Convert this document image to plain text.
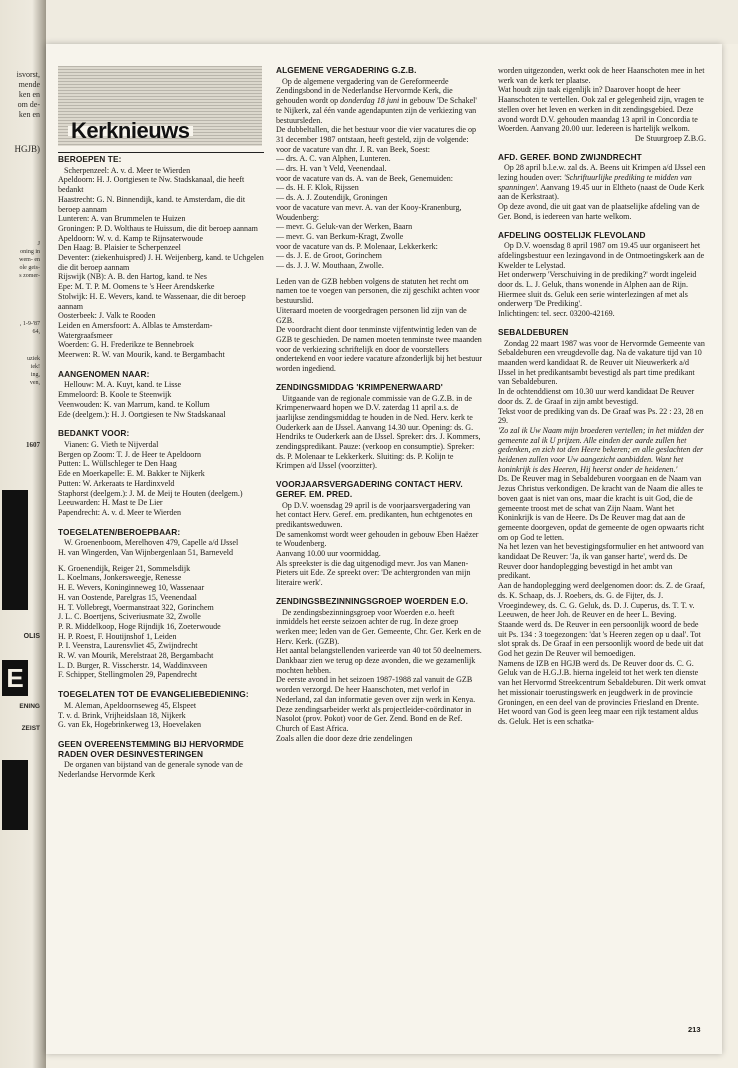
isvorst,
mende
ken en
om de-
ken en
HGJB)
J
oning in
wem- en
ole geis-
s zomer-
, 1-9-'87
64,
uziek
iek!
ing,
ven,
1607
OLIS
E
ENING
ZEIST
Kerknieuws
BEROEPEN TE:

Scherpenzeel: A. v. d. Meer te Wierden

Apeldoorn: H. J. Oortgiesen te Nw. Stadskanaal, die heeft bedankt

Haastrecht: G. N. Binnendijk, kand. te Amsterdam, die dit beroep aannam

Lunteren: A. van Brummelen te Huizen

Groningen: P. D. Wolthaus te Huissum, die dit beroep aannam

Apeldoorn: W. v. d. Kamp te Rijnsaterwoude

Den Haag: B. Plaisier te Scherpenzeel

Deventer: (ziekenhuispred) J. H. Weijenberg, kand. te Uchgelen die dit beroep aannam

Rijswijk (NB): A. B. den Hartog, kand. te Nes

Epe: M. T. P. M. Oomens te 's Heer Arendskerke

Stolwijk: H. E. Wevers, kand. te Wassenaar, die dit beroep aannam

Oosterbeek: J. Valk te Rooden

Leiden en Amersfoort: A. Alblas te Amsterdam-Watergraafsmeer

Woerden: G. H. Frederikze te Bennebroek

Meerwen: R. W. van Mourik, kand. te Bergambacht

AANGENOMEN NAAR:

Hellouw: M. A. Kuyt, kand. te Lisse

Emmeloord: B. Koole te Steenwijk

Veenwouden: K. van Marrum, kand. te Kollum

Ede (deelgem.): H. J. Oortgiesen te Nw Stadskanaal

BEDANKT VOOR:

Vianen: G. Vieth te Nijverdal

Bergen op Zoom: T. J. de Heer te Apeldoorn

Putten: L. Wüllschleger te Den Haag

Ede en Moerkapelle: E. M. Bakker te Nijkerk

Putten: W. Arkeraats te Hardinxveld

Staphorst (deelgem.): J. M. de Meij te Houten (deelgem.)

Leeuwarden: H. Mast te De Lier

Papendrecht: A. v. d. Meer te Wierden

TOEGELATEN/BEROEPBAAR:

W. Groenenboom, Merelhoven 479, Capelle a/d IJssel

H. van Wingerden, Van Wijnbergenlaan 51, Barneveld

K. Groenendijk, Reiger 21, Sommelsdijk

L. Koelmans, Jonkersweegje, Renesse

H. E. Wevers, Koninginneweg 10, Wassenaar

H. van Oostende, Parelgras 15, Veenendaal

H. T. Vollebregt, Voermanstraat 322, Gorinchem

J. L. C. Boertjens, Sciveriusmate 32, Zwolle

P. R. Middelkoop, Hoge Rijndijk 16, Zoeterwoude

H. P. Roest, F. Houtijnshof 1, Leiden

P. I. Veenstra, Laurensvliet 45, Zwijndrecht

R. W. van Mourik, Merelstraat 28, Bergambacht

L. D. Burger, R. Visscherstr. 14, Waddinxveen

F. Schipper, Stellingmolen 29, Papendrecht

TOEGELATEN TOT DE EVANGELIEBEDIENING:

M. Aleman, Apeldoornseweg 45, Elspeet

T. v. d. Brink, Vrijheidslaan 18, Nijkerk

G. van Ek, Hogebrinkerweg 13, Hoevelaken

GEEN OVEREENSTEMMING BIJ HERVORMDE RADEN OVER DESINVESTERINGEN

De organen van bijstand van de generale synode van de Nederlandse Hervormde Kerk

ALGEMENE VERGADERING G.Z.B.

Op de algemene vergadering van de Gereformeerde Zendingsbond in de Nederlandse Hervormde Kerk, die gehouden wordt op donderdag 18 juni in gebouw 'De Schakel' te Nijkerk, zal één vande agendapunten zijn de verkiezing van bestuursleden.

De dubbeltallen, die het bestuur voor die vier vacatures die op 31 december 1987 ontstaan, heeft gesteld, zijn de volgende:

voor de vacature van dhr. J. R. van Beek, Soest:

— drs. A. C. van Alphen, Lunteren.

— drs. H. van 't Veld, Veenendaal.

voor de vacature van ds. A. van de Beek, Genemuiden:

— ds. H. F. Klok, Rijssen

— ds. A. J. Zoutendijk, Groningen

voor de vacature van mevr. A. van der Kooy-Kranenburg, Woudenberg:

— mevr. G. Geluk-van der Werken, Baarn

— mevr. G. van Berkum-Kragt, Zwolle

voor de vacature van ds. P. Molenaar, Lekkerkerk:

— ds. J. E. de Groot, Gorinchem

— ds. J. J. W. Mouthaan, Zwolle.

Leden van de GZB hebben volgens de statuten het recht om namen toe te voegen van personen, die zij geschikt achten voor bestuurslid.

Uiteraard moeten de voorgedragen personen lid zijn van de GZB.

De voordracht dient door tenminste vijfentwintig leden van de GZB te geschieden. De namen moeten tenminste twee maanden voor de verkiezing schriftelijk en door de voorstellers ondertekend en voor iedere vacature afzonderlijk bij het bestuur worden ingediend.

ZENDINGSMIDDAG 'KRIMPENERWAARD'

Uitgaande van de regionale commissie van de G.Z.B. in de Krimpenerwaard hopen we D.V. zaterdag 11 april a.s. de jaarlijkse zendingsmiddag te houden in de Ned. Herv. kerk te Ouderkerk aan de IJssel. Aanvang 14.30 uur. Opening: ds. G. Hendriks te Ouderkerk aan de IJssel. Spreker: drs. J. Kommers, zendingspredikant. Pauze: (verkoop en consumptie). Spreker: ds. P. Molenaar te Lekkerkerk. Sluiting: ds. P. Kolijn te Krimpen a/d IJssel (voorzitter).

VOORJAARSVERGADERING CONTACT HERV. GEREF. EM. PRED.

Op D.V. woensdag 29 april is de voorjaarsvergadering van het contact Herv. Geref. em. predikanten, hun echtgenotes en predikantsweduwen.

De samenkomst wordt weer gehouden in gebouw Eben Haëzer te Woudenberg.

Aanvang 10.00 uur voormiddag.

Als spreekster is die dag uitgenodigd mevr. Jos van Manen-Pieters uit Ede. Ze spreekt over: 'De achtergronden van mijn literaire werk'.

ZENDINGSBEZINNINGSGROEP WOERDEN E.O.

De zendingsbezinningsgroep voor Woerden e.o. heeft inmiddels het eerste seizoen achter de rug. In deze groep werken mee; leden van de Ger. Gemeente, Chr. Ger. Kerk en de Herv. Kerk. (GZB).

Het aantal belangstellenden varieerde van 40 tot 50 deelnemers.

Dankbaar zien we terug op deze avonden, die we gezamenlijk mochten hebben.

De eerste avond in het seizoen 1987-1988 zal vanuit de GZB worden verzorgd. De heer Haanschoten, met verlof in Nederland, zal dan informatie geven over zijn werk in Kenya. Deze zendingsarbeider werkt als projectleider-coördinator in Nasolot (prov. Pokot) voor de Ger. Zend. Bond en de Ref. Church of East Africa.

Zoals allen die door deze drie zendelingen

worden uitgezonden, werkt ook de heer Haanschoten mee in het werk van de kerk ter plaatse.

Wat houdt zijn taak eigenlijk in? Daarover hoopt de heer Haanschoten te vertellen. Ook zal er gelegenheid zijn, vragen te stellen over het leven en werken in dit zendingsgebied. Deze avond wordt D.V. gehouden maandag 13 april in Concordia te Woerden. Aanvang 20.00 uur. Iedereen is hartelijk welkom.

De Stuurgroep Z.B.G.

AFD. GEREF. BOND ZWIJNDRECHT

Op 28 april b.l.e.w. zal ds. A. Beens uit Krimpen a/d IJssel een lezing houden over: 'Schriftuurlijke prediking te midden van spanningen'. Aanvang 19.45 uur in Eltheto (naast de Oude Kerk aan de Kerkstraat).

Op deze avond, die uit gaat van de plaatselijke afdeling van de Ger. Bond, is iedereen van harte welkom.

AFDELING OOSTELIJK FLEVOLAND

Op D.V. woensdag 8 april 1987 om 19.45 uur organiseert het afdelingsbestuur een lezingavond in de Ontmoetingskerk aan de Kwelder te Lelystad.

Het onderwerp 'Verschuiving in de prediking?' wordt ingeleid door ds. L. J. Geluk, thans wonende in Alphen aan de Rijn. Hiermee sluit ds. Geluk een serie winterlezingen af met als onderwerp 'De Prediking'.

Inlichtingen: tel. secr. 03200-42169.

SEBALDEBUREN

Zondag 22 maart 1987 was voor de Hervormde Gemeente van Sebaldeburen een vreugdevolle dag. Na de vakature tijd van 10 maanden werd kandidaat R. de Reuver uit Nieuwerkerk a/d IJssel in het predikantsambt bevestigd als part time predikant van Sebaldeburen.

In de ochtenddienst om 10.30 uur werd kandidaat De Reuver door ds. Z. de Graaf in zijn ambt bevestigd.

Tekst voor de prediking van ds. De Graaf was Ps. 22 : 23, 28 en 29.

'Zo zal ik Uw Naam mijn broederen vertellen; in het midden der gemeente zal ik U prijzen. Alle einden der aarde zullen het gedenken, en zich tot den Heere bekeren; en alle geslachten der heidenen zullen voor Uw aangezicht aanbidden. Want het koninkrijk is des Heeren, Hij heerst onder de heidenen.'

Ds. De Reuver mag in Sebaldeburen voorgaan en de Naam van Jezus Christus verkondigen. De kracht van de Naam die alles te boven gaat is niet van ons, maar die kracht is uit God, die de gemeente troost met de schat van Zijn Naam. Want het Koninkrijk is van de Heere. Ds De Reuver mag dat aan de gemeente doorgeven, opdat de gemeente de ogen opwaarts richt om op God te letten.

Na het lezen van het bevestigingsformulier en het antwoord van kandidaat De Reuver: 'Ja, ik van ganser harte', werd ds. De Reuver door handoplegging bevestigd in het ambt van predikant.

Aan de handoplegging werd deelgenomen door: ds. Z. de Graaf, ds. K. Schaap, ds. J. Roebers, ds. G. de Fijter, ds. J. Vroegindewey, ds. C. G. Geluk, ds. D. J. Cuperus, ds. T. T. v. Leeuwen, de heer Joh. de Reuver en de heer L. Beving.

Staande werd ds. De Reuver in een persoonlijk woord de bede uit Ps. 134 : 3 toegezongen: 'dat 's Heeren zegen op u daal'. Tot slot sprak ds. De Graaf in een persoonlijk woord de bede uit dat God het gezin De Reuver wil bemoedigen.

Namens de IZB en HGJB werd ds. De Reuver door ds. C. G. Geluk van de H.G.J.B. hierna ingeleid tot het werk ten dienste van het Hervormd Streekcentrum Sebaldeburen. Dit werk omvat het missionair toerustingswerk en jeugdwerk in de provincie Groningen, en een deel van de provincies Friesland en Drente. Het woord van God is geen leeg maar een rijk testament aldus ds. Geluk. Het is een schatka-

213
